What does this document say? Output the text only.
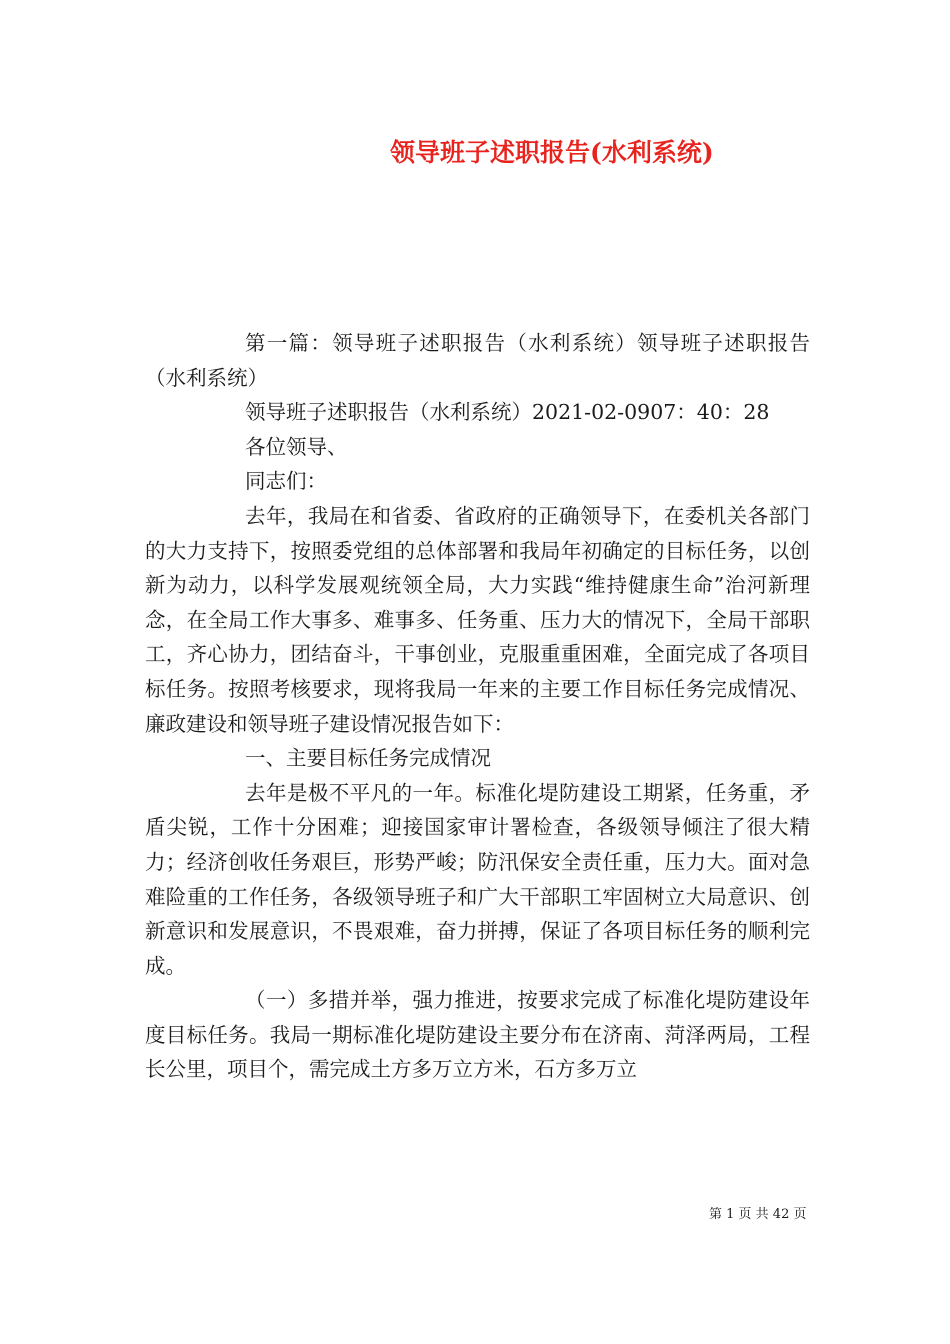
领导班子述职报告(水利系统)

第一篇：领导班子述职报告（水利系统）领导班子述职报告（水利系统）

领导班子述职报告（水利系统）2021-02-0907：40：28

各位领导、

同志们：

去年，我局在和省委、省政府的正确领导下，在委机关各部门的大力支持下，按照委党组的总体部署和我局年初确定的目标任务，以创新为动力，以科学发展观统领全局，大力实践“维持健康生命”治河新理念，在全局工作大事多、难事多、任务重、压力大的情况下，全局干部职工，齐心协力，团结奋斗，干事创业，克服重重困难，全面完成了各项目标任务。按照考核要求，现将我局一年来的主要工作目标任务完成情况、廉政建设和领导班子建设情况报告如下：

一、主要目标任务完成情况

去年是极不平凡的一年。标准化堤防建设工期紧，任务重，矛盾尖锐，工作十分困难；迎接国家审计署检查，各级领导倾注了很大精力；经济创收任务艰巨，形势严峻；防汛保安全责任重，压力大。面对急难险重的工作任务，各级领导班子和广大干部职工牢固树立大局意识、创新意识和发展意识，不畏艰难，奋力拼搏，保证了各项目标任务的顺利完成。

（一）多措并举，强力推进，按要求完成了标准化堤防建设年度目标任务。我局一期标准化堤防建设主要分布在济南、菏泽两局，工程长公里，项目个，需完成土方多万立方米，石方多万立

第 1 页 共 42 页
